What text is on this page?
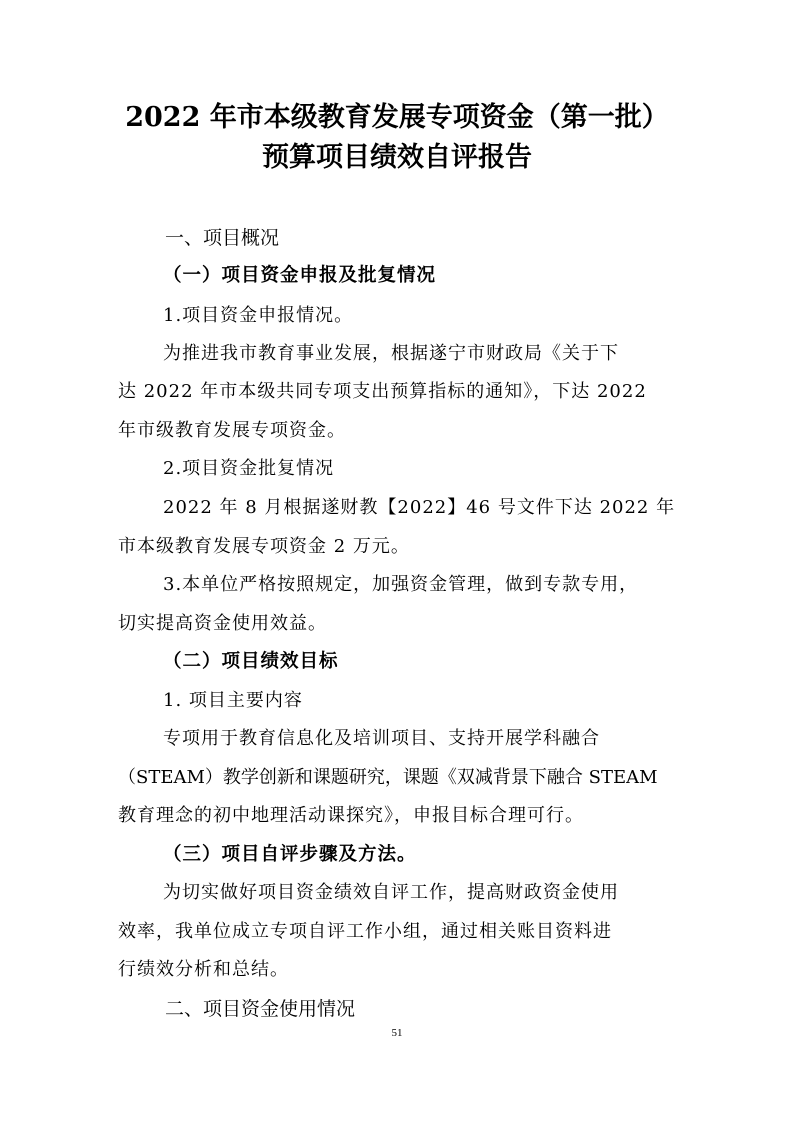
2022 年市本级教育发展专项资金（第一批）
预算项目绩效自评报告
一、项目概况
（一）项目资金申报及批复情况
1.项目资金申报情况。
为推进我市教育事业发展，根据遂宁市财政局《关于下
达 2022 年市本级共同专项支出预算指标的通知》，下达 2022
年市级教育发展专项资金。
2.项目资金批复情况
2022 年 8 月根据遂财教【2022】46 号文件下达 2022 年
市本级教育发展专项资金 2 万元。
3.本单位严格按照规定，加强资金管理，做到专款专用，
切实提高资金使用效益。
（二）项目绩效目标
1. 项目主要内容
专项用于教育信息化及培训项目、支持开展学科融合
（STEAM）教学创新和课题研究，课题《双减背景下融合 STEAM
教育理念的初中地理活动课探究》，申报目标合理可行。
（三）项目自评步骤及方法。
为切实做好项目资金绩效自评工作，提高财政资金使用
效率，我单位成立专项自评工作小组，通过相关账目资料进
行绩效分析和总结。
二、项目资金使用情况
51
